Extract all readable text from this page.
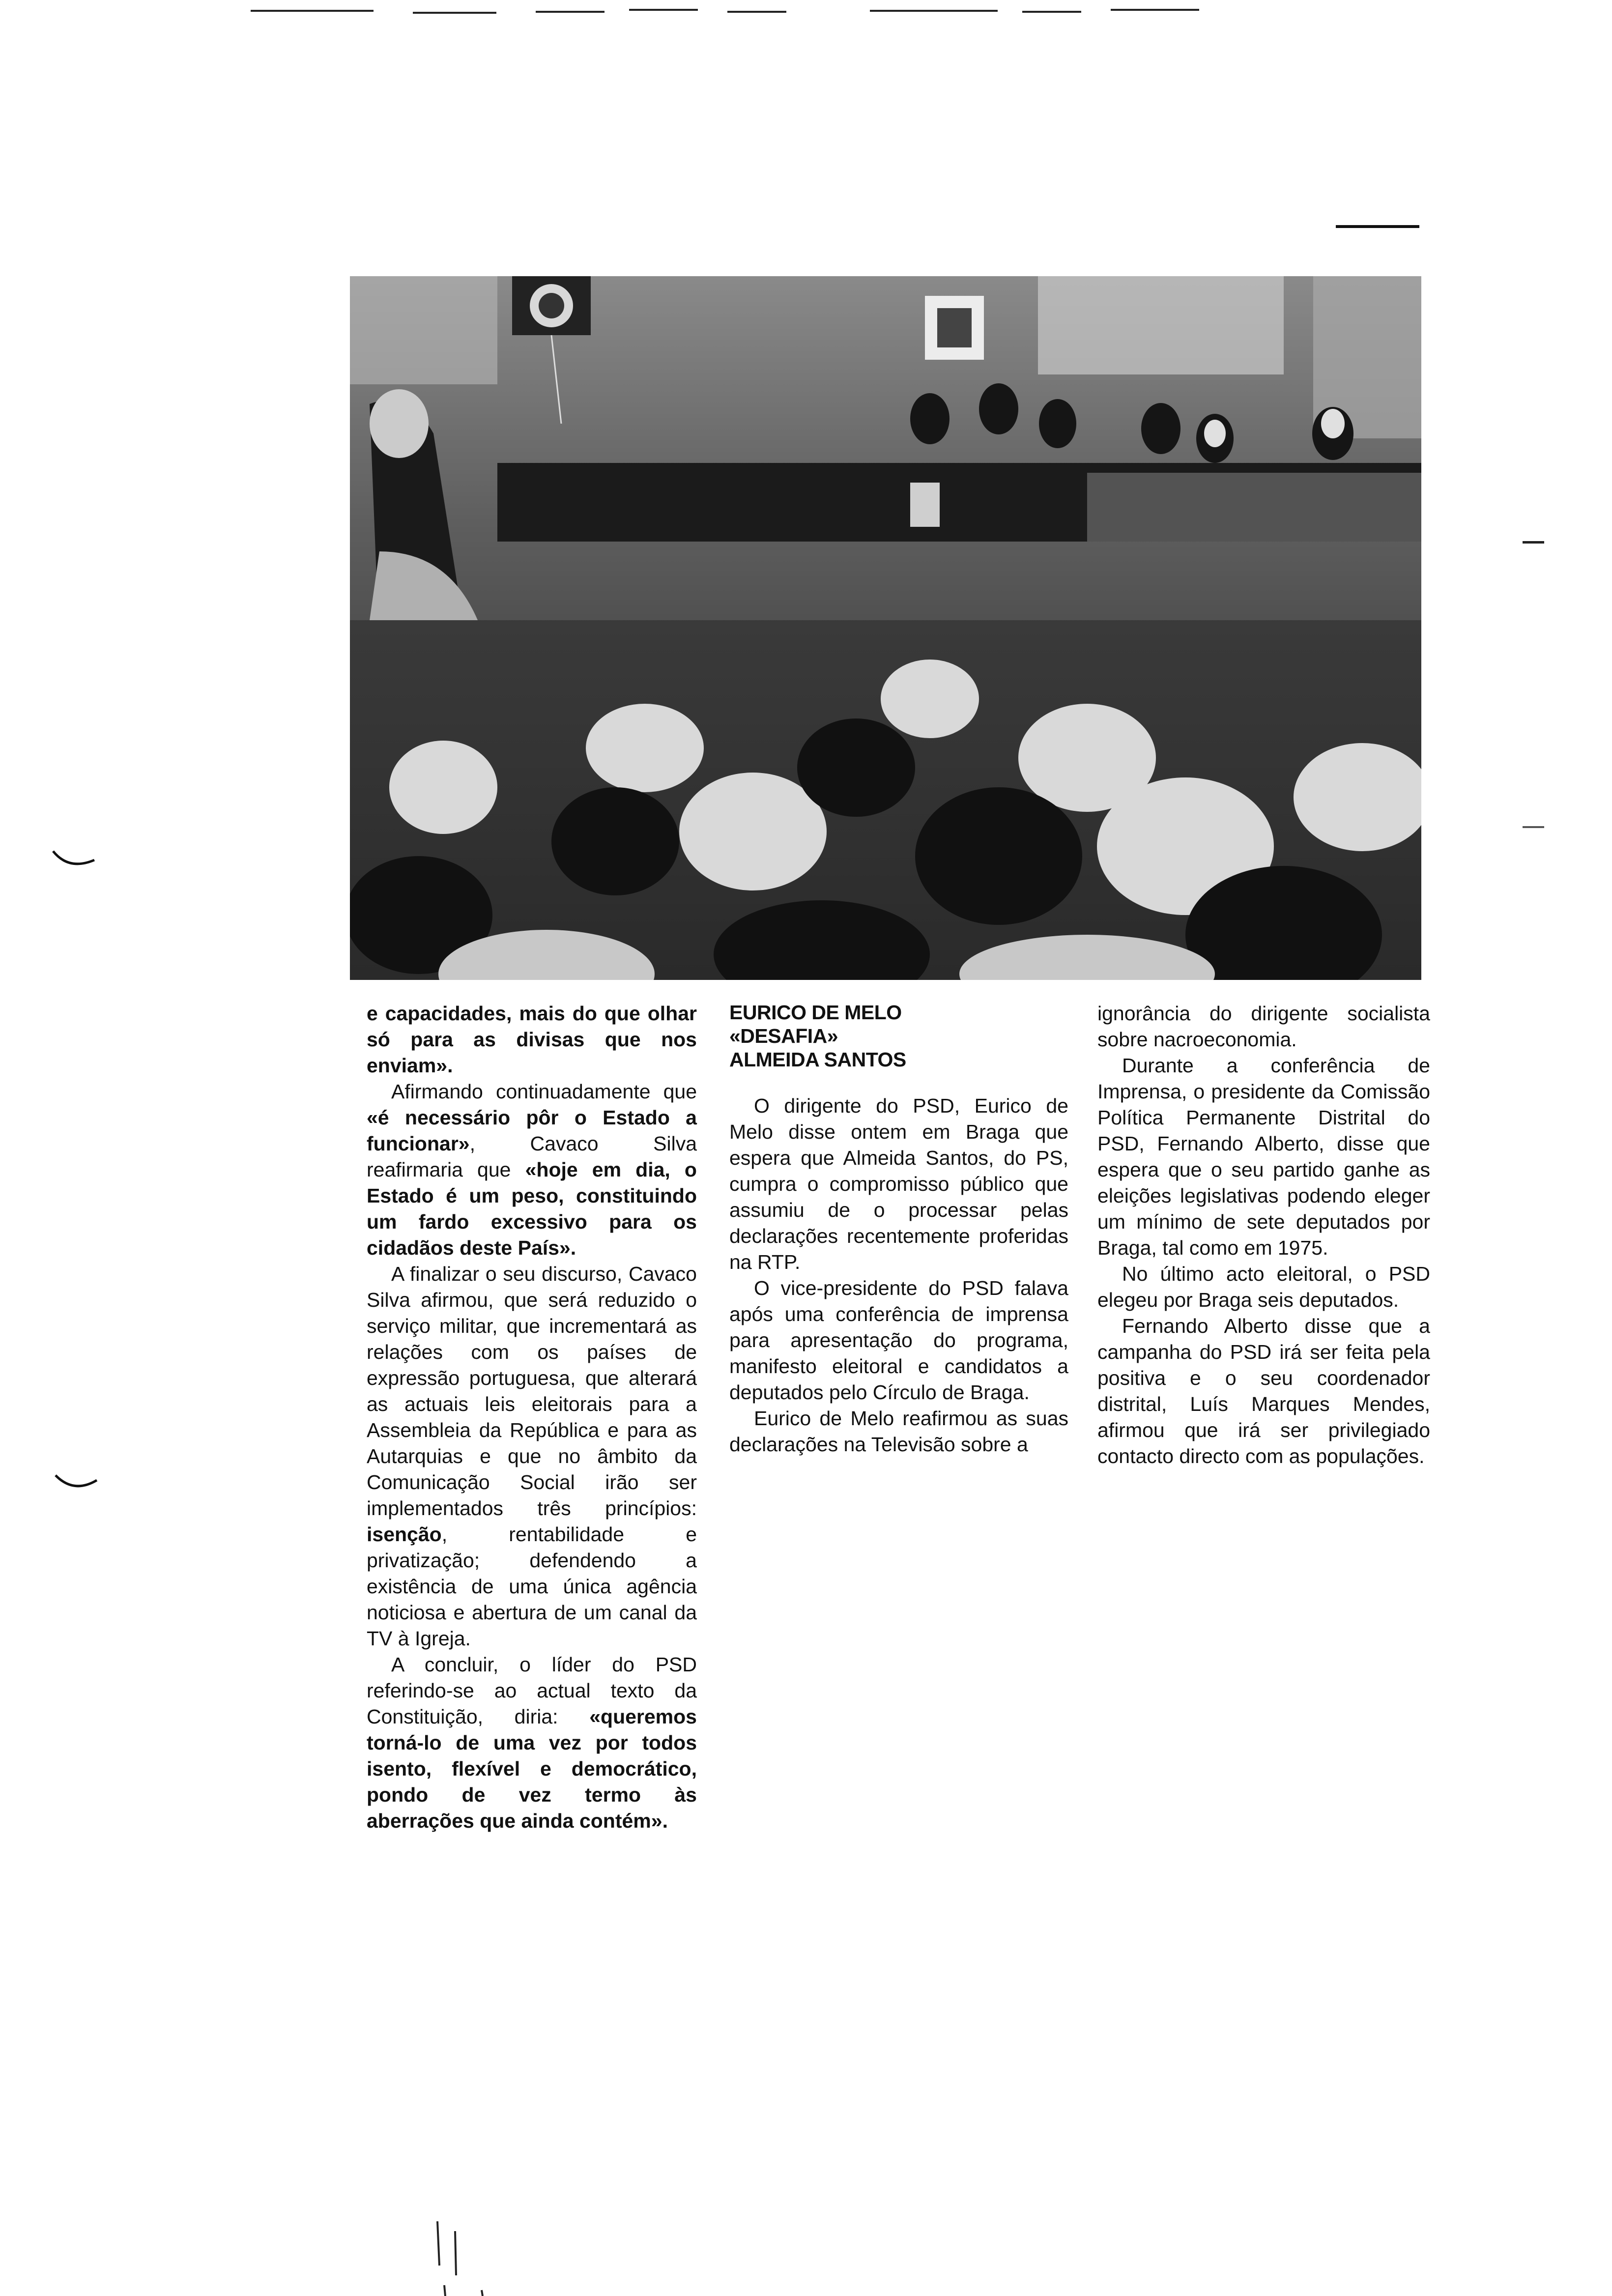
e capacidades, mais do que olhar só para as divisas que nos enviam».

Afirmando continuadamente que «é necessário pôr o Estado a funcionar», Cavaco Silva reafirmaria que «hoje em dia, o Estado é um peso, constituindo um fardo excessivo para os cidadãos deste País».

A finalizar o seu discurso, Cavaco Silva afirmou, que será reduzido o serviço militar, que incrementará as relações com os países de expressão portuguesa, que alterará as actuais leis eleitorais para a Assembleia da República e para as Autarquias e que no âmbito da Comunicação Social irão ser implementados três princípios: isenção, rentabilidade e privatização; defendendo a existência de uma única agência noticiosa e abertura de um canal da TV à Igreja.

A concluir, o líder do PSD referindo-se ao actual texto da Constituição, diria: «queremos torná-lo de uma vez por todos isento, flexível e democrático, pondo de vez termo às aberrações que ainda contém».

EURICO DE MELO
«DESAFIA»
ALMEIDA SANTOS

O dirigente do PSD, Eurico de Melo disse ontem em Braga que espera que Almeida Santos, do PS, cumpra o compromisso público que assumiu de o processar pelas declarações recentemente proferidas na RTP.

O vice-presidente do PSD falava após uma conferência de imprensa para apresentação do programa, manifesto eleitoral e candidatos a deputados pelo Círculo de Braga.

Eurico de Melo reafirmou as suas declarações na Televisão sobre a

ignorância do dirigente socialista sobre nacroeconomia.

Durante a conferência de Imprensa, o presidente da Comissão Política Permanente Distrital do PSD, Fernando Alberto, disse que espera que o seu partido ganhe as eleições legislativas podendo eleger um mínimo de sete deputados por Braga, tal como em 1975.

No último acto eleitoral, o PSD elegeu por Braga seis deputados.

Fernando Alberto disse que a campanha do PSD irá ser feita pela positiva e o seu coordenador distrital, Luís Marques Mendes, afirmou que irá ser privilegiado contacto directo com as populações.
